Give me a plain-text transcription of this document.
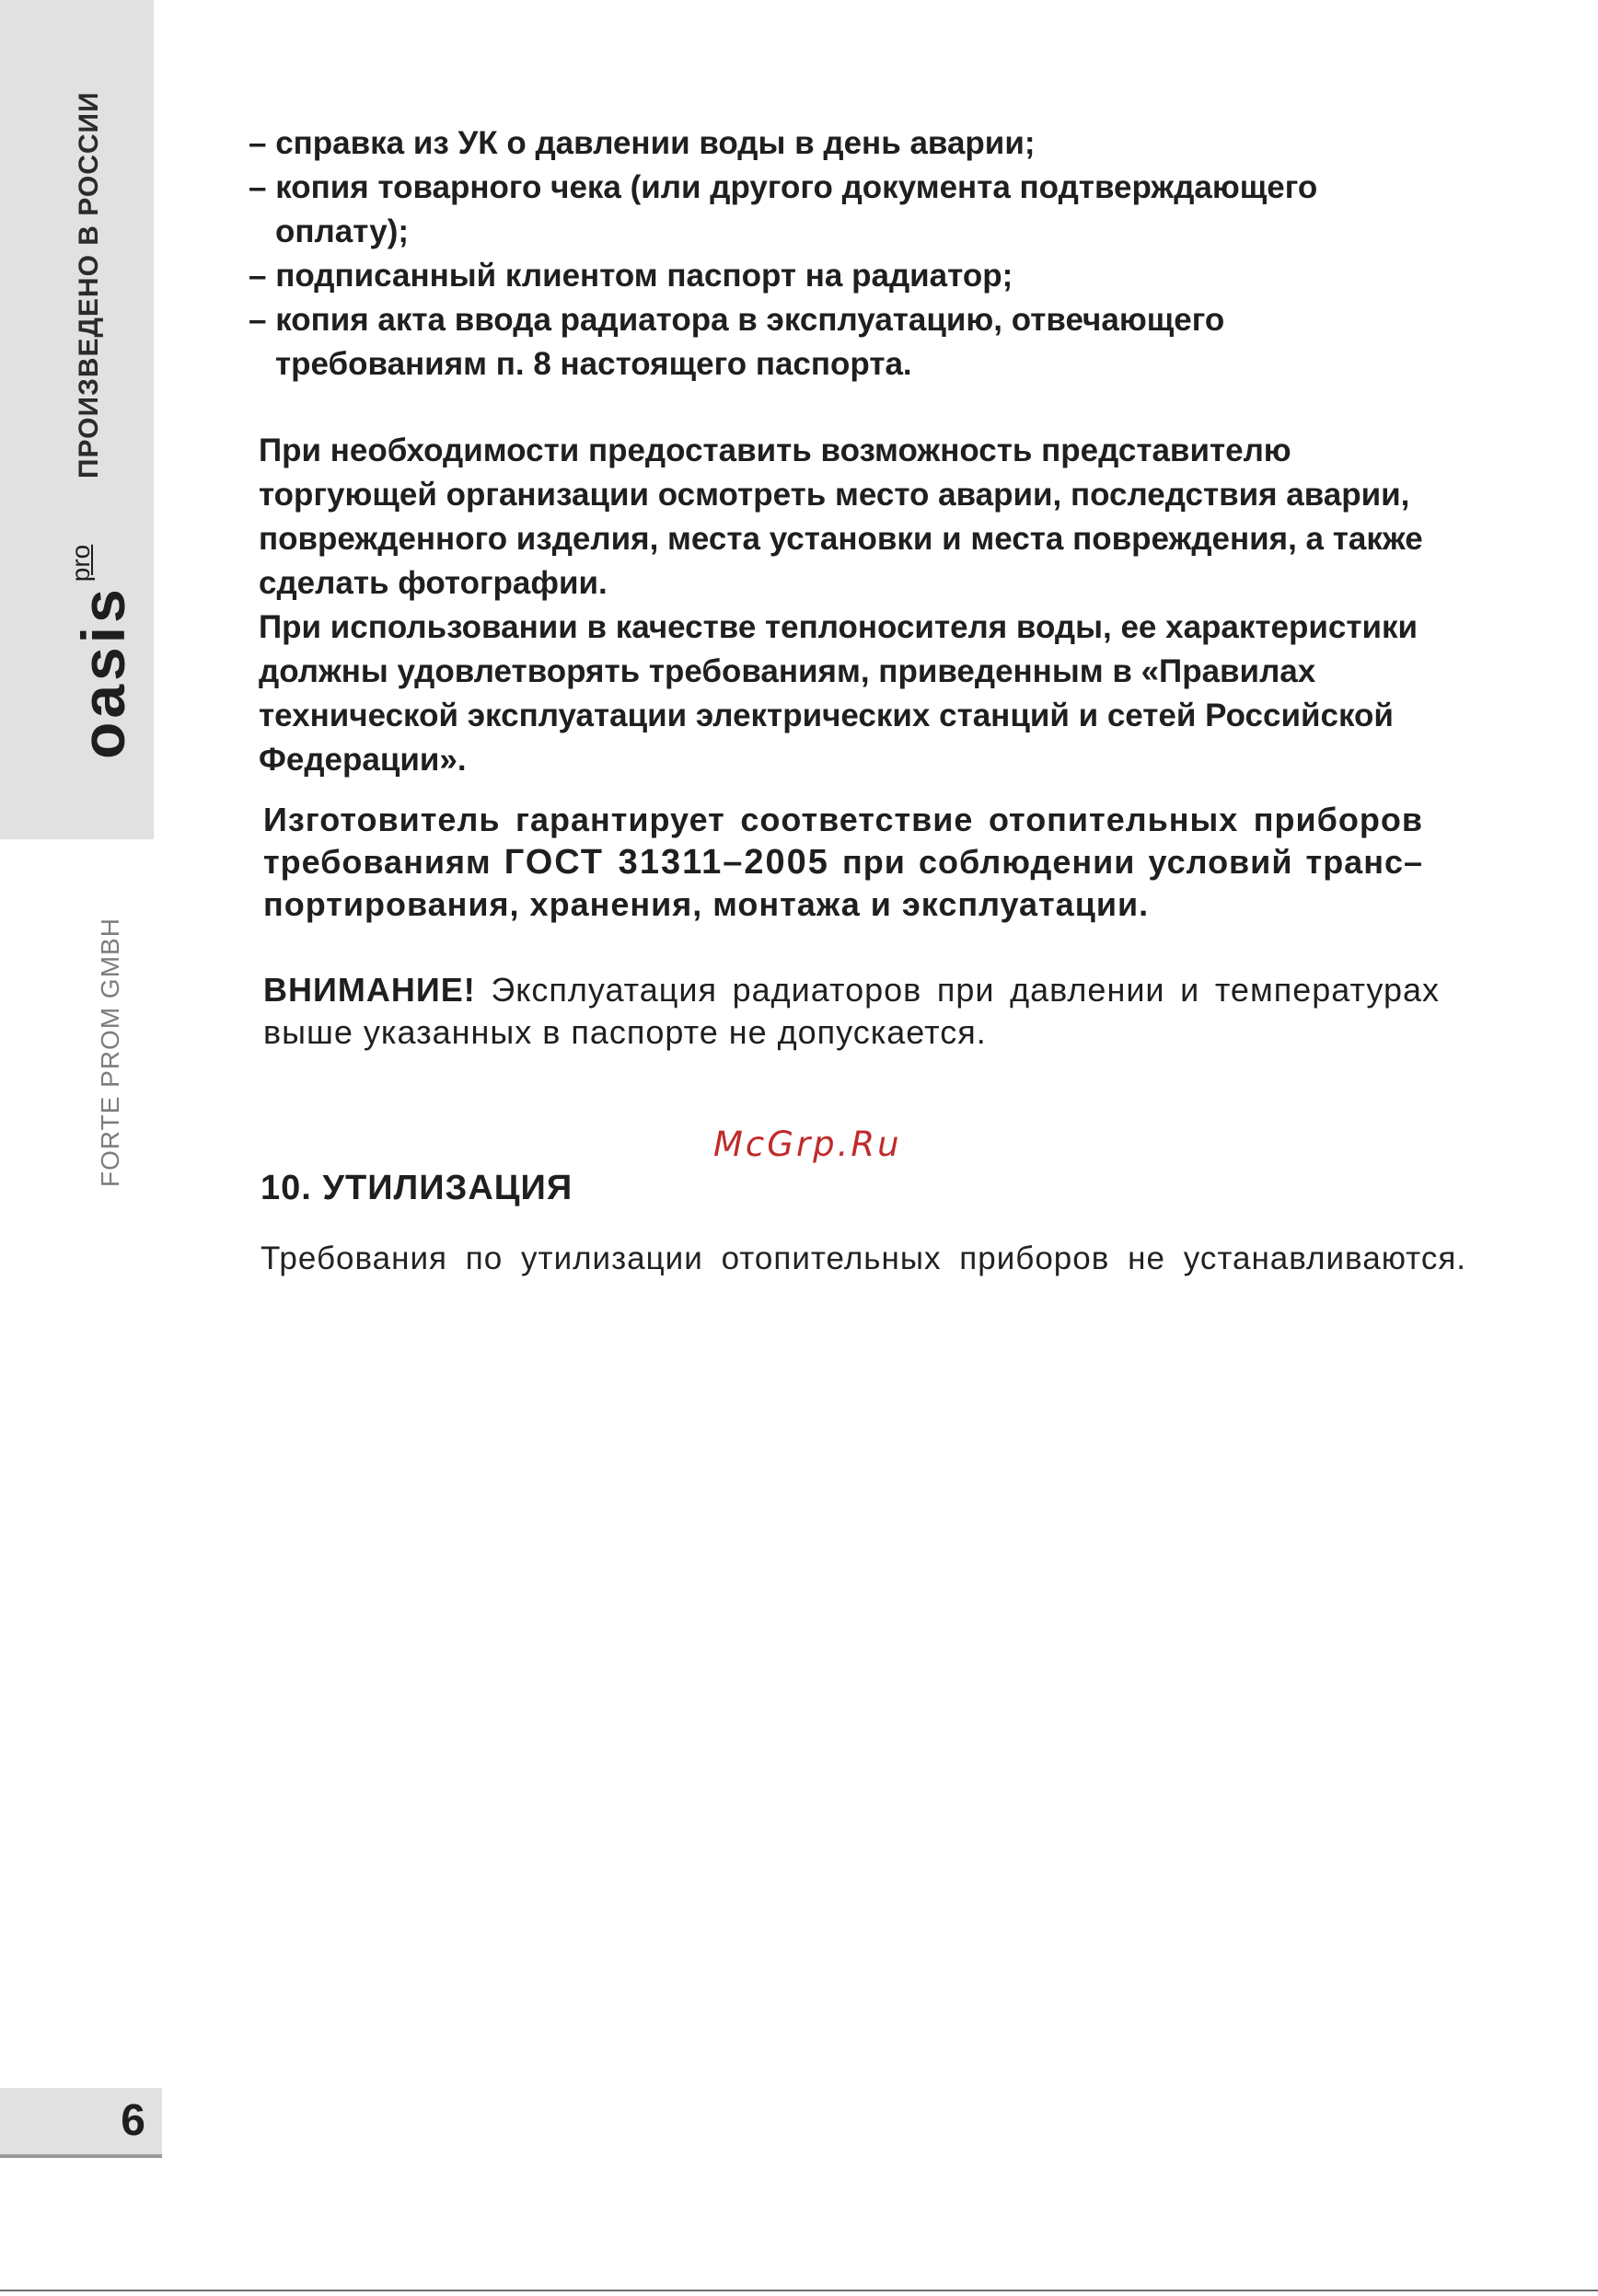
ПРОИЗВЕДЕНО В РОССИИ
oasispro
FORTE PROM GMBH
6

– справка из УК о давлении воды в день аварии;

– копия товарного чека (или другого документа подтверждающего оплату);

– подписанный клиентом паспорт на радиатор;

– копия акта ввода радиатора в эксплуатацию, отвечающего требованиям п. 8 настоящего паспорта.

При необходимости предоставить возможность представителю торгующей организации осмотреть место аварии, последствия аварии, поврежденного изделия, места установки и места повреждения, а также сделать фотографии.

При использовании в качестве теплоносителя воды, ее характеристики должны удовлетворять требованиям, приведенным в «Правилах технической эксплуатации электрических станций и сетей Российской Федерации».

Изготовитель гарантирует соответствие отопительных приборов

требованиям ГОСТ 31311–2005 при соблюдении условий транс–

портирования, хранения, монтажа и эксплуатации.

ВНИМАНИЕ! Эксплуатация радиаторов при давлении и температурах
выше указанных в паспорте не допускается.
McGrp.Ru
10. УТИЛИЗАЦИЯ
Требования по утилизации отопительных приборов не устанавливаются.
